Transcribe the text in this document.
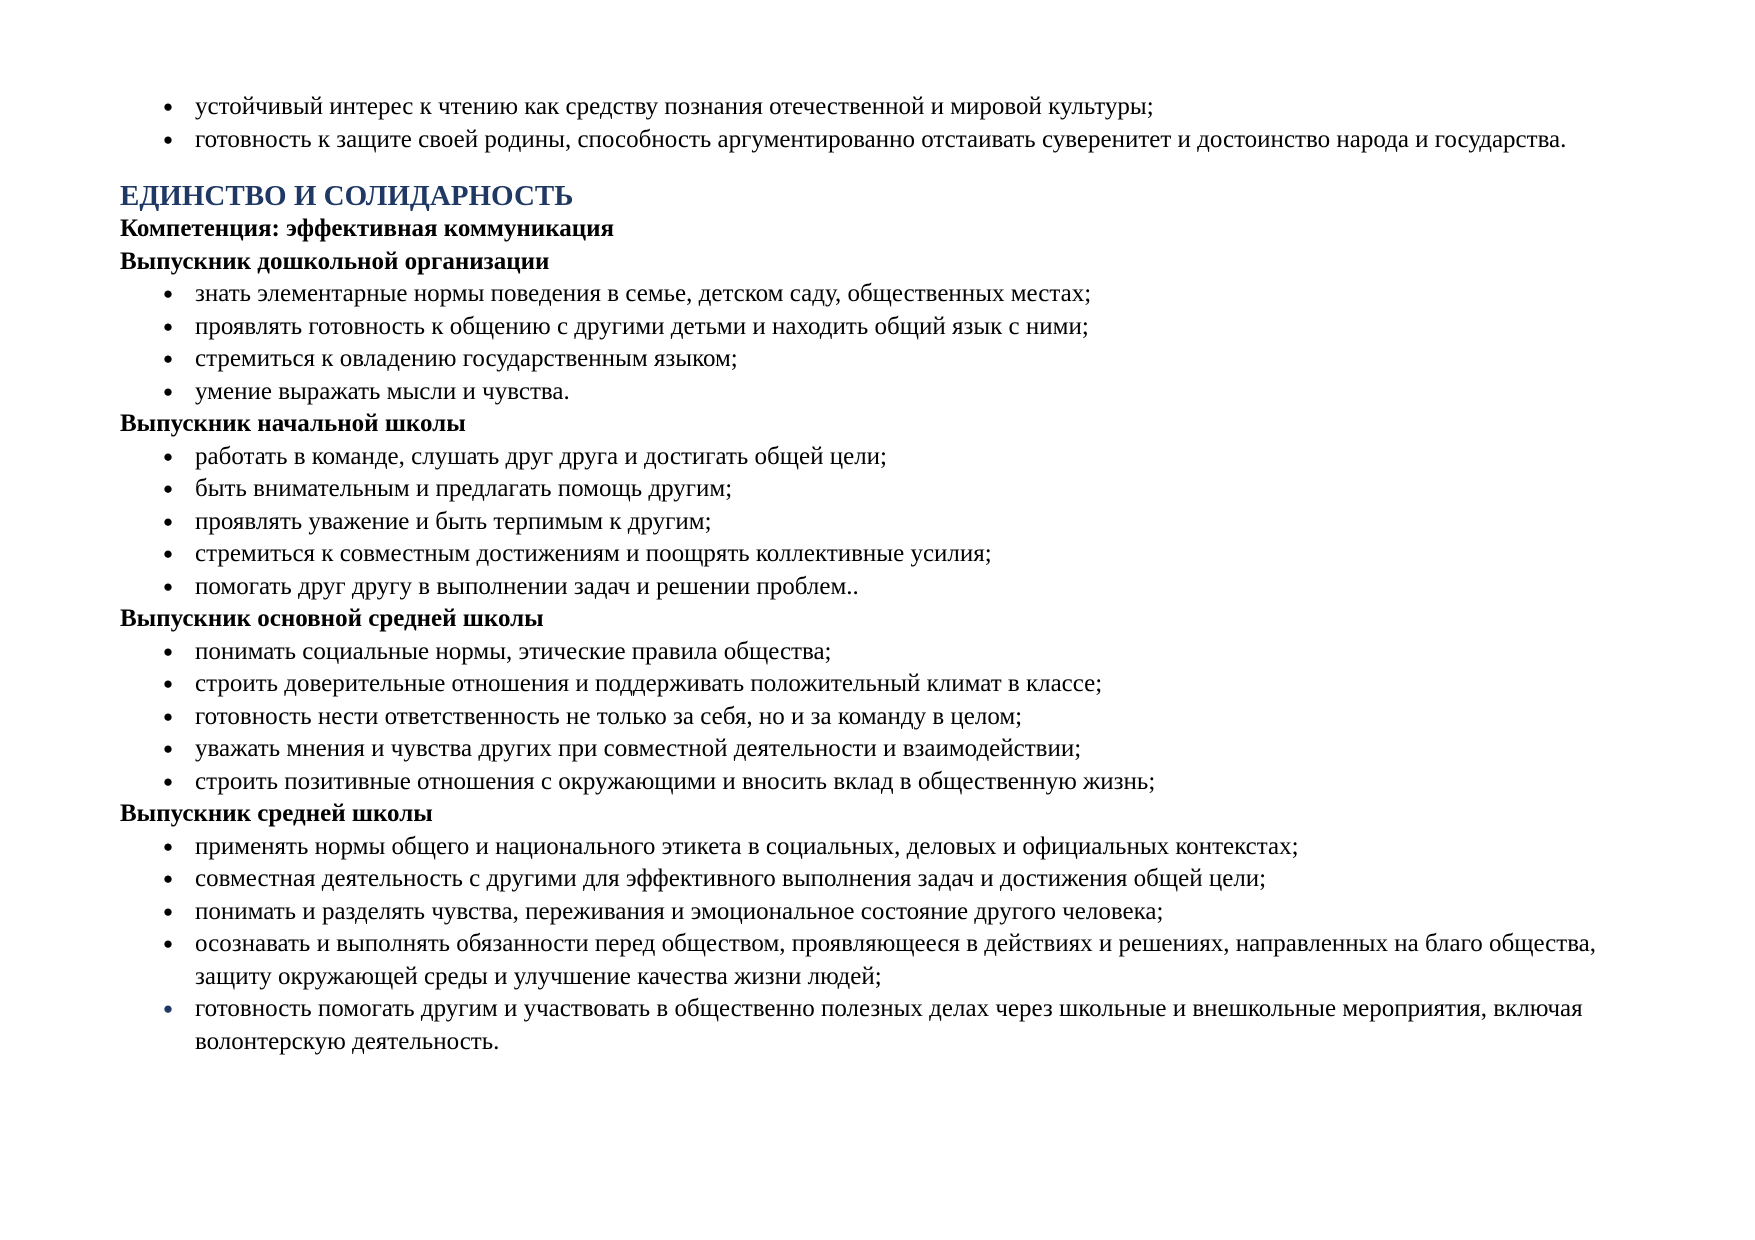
● устойчивый интерес к чтению как средству познания отечественной и мировой культуры;
● готовность к защите своей родины, способность аргументированно отстаивать суверенитет и достоинство народа и государства.
ЕДИНСТВО И СОЛИДАРНОСТЬ

Компетенция: эффективная коммуникация

Выпускник дошкольной организации

● знать элементарные нормы поведения в семье, детском саду, общественных местах;
● проявлять готовность к общению с другими детьми и находить общий язык с ними;
● стремиться к овладению государственным языком;
● умение выражать мысли и чувства.

Выпускник начальной школы

● работать в команде, слушать друг друга и достигать общей цели;
● быть внимательным и предлагать помощь другим;
● проявлять уважение и быть терпимым к другим;
● стремиться к совместным достижениям и поощрять коллективные усилия;
● помогать друг другу в выполнении задач и решении проблем..

Выпускник основной средней школы

● понимать социальные нормы, этические правила общества;
● строить доверительные отношения и поддерживать положительный климат в классе;
● готовность нести ответственность не только за себя, но и за команду в целом;
● уважать мнения и чувства других при совместной деятельности и взаимодействии;
● строить позитивные отношения с окружающими и вносить вклад в общественную жизнь;

Выпускник средней школы

● применять нормы общего и национального этикета в социальных, деловых и официальных контекстах;
● совместная деятельность с другими для эффективного выполнения задач и достижения общей цели;
● понимать и разделять чувства, переживания и эмоциональное состояние другого человека;
● осознавать и выполнять обязанности перед обществом, проявляющееся в действиях и решениях, направленных на благо общества, защиту окружающей среды и улучшение качества жизни людей;
● готовность помогать другим и участвовать в общественно полезных делах через школьные и внешкольные мероприятия, включая волонтерскую деятельность.
